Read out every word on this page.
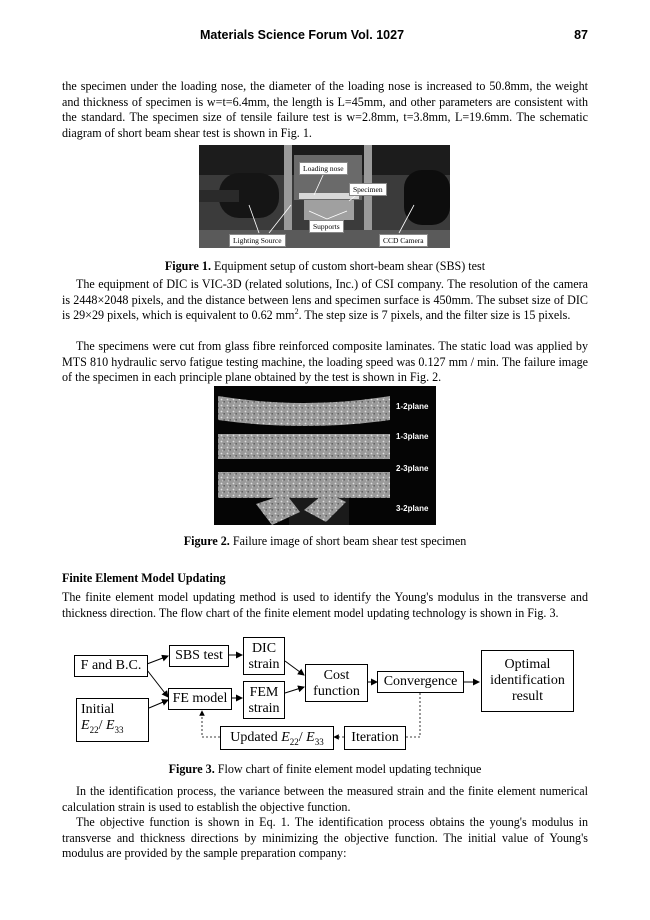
Materials Science Forum Vol. 1027	87

the specimen under the loading nose, the diameter of the loading nose is increased to 50.8mm, the weight and thickness of specimen is w=t=6.4mm, the length is L=45mm, and other parameters are consistent with the standard. The specimen size of tensile failure test is w=2.8mm, t=3.8mm, L=19.6mm. The schematic diagram of short beam shear test is shown in Fig. 1.

Loading nose
Specimen
Supports
Lighting Source	CCD Camera
Figure 1. Equipment setup of custom short-beam shear (SBS) test

The equipment of DIC is VIC-3D (related solutions, Inc.) of CSI company. The resolution of the camera is 2448×2048 pixels, and the distance between lens and specimen surface is 450mm. The subset size of DIC is 29×29 pixels, which is equivalent to 0.62 $mm^2$. The step size is 7 pixels, and the filter size is 15 pixels.

The specimens were cut from glass fibre reinforced composite laminates. The static load was applied by MTS 810 hydraulic servo fatigue testing machine, the loading speed was 0.127 mm / min. The failure image of the specimen in each principle plane obtained by the test is shown in Fig. 2.

1-2plane
1-3plane
2-3plane
3-2plane
Figure 2. Failure image of short beam shear test specimen
Finite Element Model Updating

The finite element model updating method is used to identify the Young's modulus in the transverse and thickness direction. The flow chart of the finite element model updating technology is shown in Fig. 3.

F and B.C.
Initial
$E_{22}/$ $E_{33}$
SBS test
FE model
DIC
strain
FEM
strain
Cost
function
Convergence
Optimal
identification
result
Updated $E_{22}/$ $E_{33}$	Iteration
Figure 3. Flow chart of finite element model updating technique

In the identification process, the variance between the measured strain and the finite element numerical calculation strain is used to establish the objective function.

The objective function is shown in Eq. 1. The identification process obtains the young's modulus in transverse and thickness directions by minimizing the objective function. The initial value of Young's modulus are provided by the sample preparation company:
